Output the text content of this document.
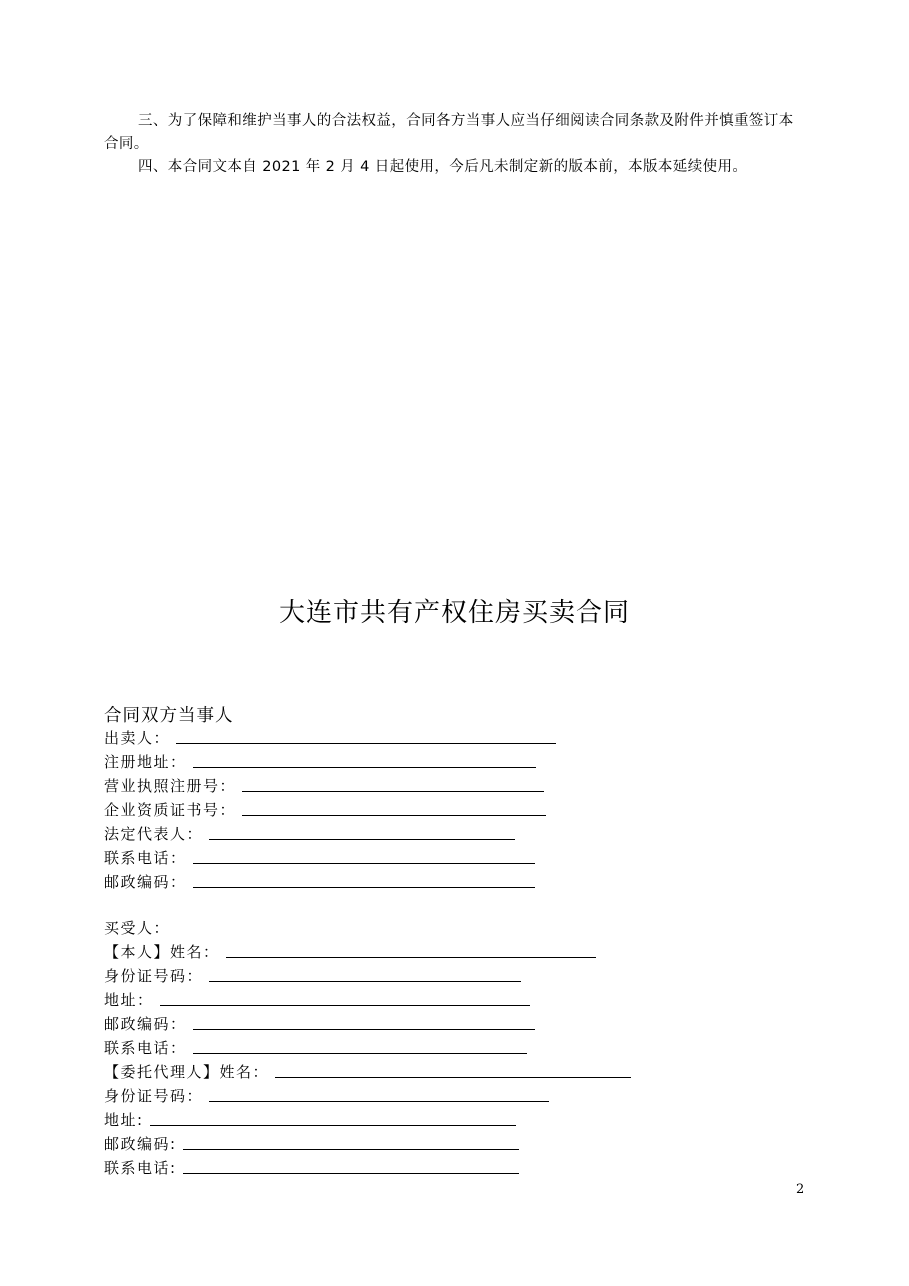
三、为了保障和维护当事人的合法权益，合同各方当事人应当仔细阅读合同条款及附件并慎重签订本合同。

四、本合同文本自 2021 年 2 月 4 日起使用，今后凡未制定新的版本前，本版本延续使用。

大连市共有产权住房买卖合同
合同双方当事人
出卖人：
注册地址：
营业执照注册号：
企业资质证书号：
法定代表人：
联系电话：
邮政编码：
买受人：
【本人】姓名：
身份证号码：
地址：
邮政编码：
联系电话：
【委托代理人】姓名：
身份证号码：
地址:
邮政编码:
联系电话:
2
